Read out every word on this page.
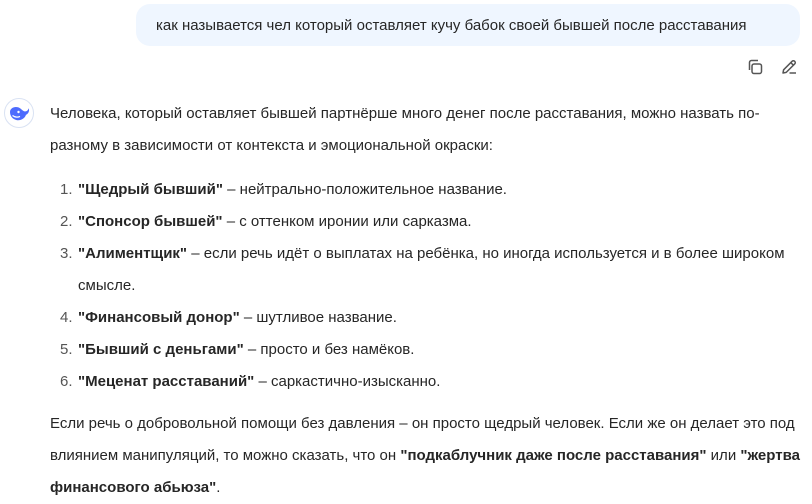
как называется чел который оставляет кучу бабок своей бывшей после расставания

Человека, который оставляет бывшей партнёрше много денег после расставания, можно назвать по-разному в зависимости от контекста и эмоциональной окраски:

1. "Щедрый бывший" – нейтрально-положительное название.
2. "Спонсор бывшей" – с оттенком иронии или сарказма.
3. "Алиментщик" – если речь идёт о выплатах на ребёнка, но иногда используется и в более широком смысле.
4. "Финансовый донор" – шутливое название.
5. "Бывший с деньгами" – просто и без намёков.
6. "Меценат расставаний" – саркастично-изысканно.

Если речь о добровольной помощи без давления – он просто щедрый человек. Если же он делает это под влиянием манипуляций, то можно сказать, что он "подкаблучник даже после расставания" или "жертва финансового абьюза".
